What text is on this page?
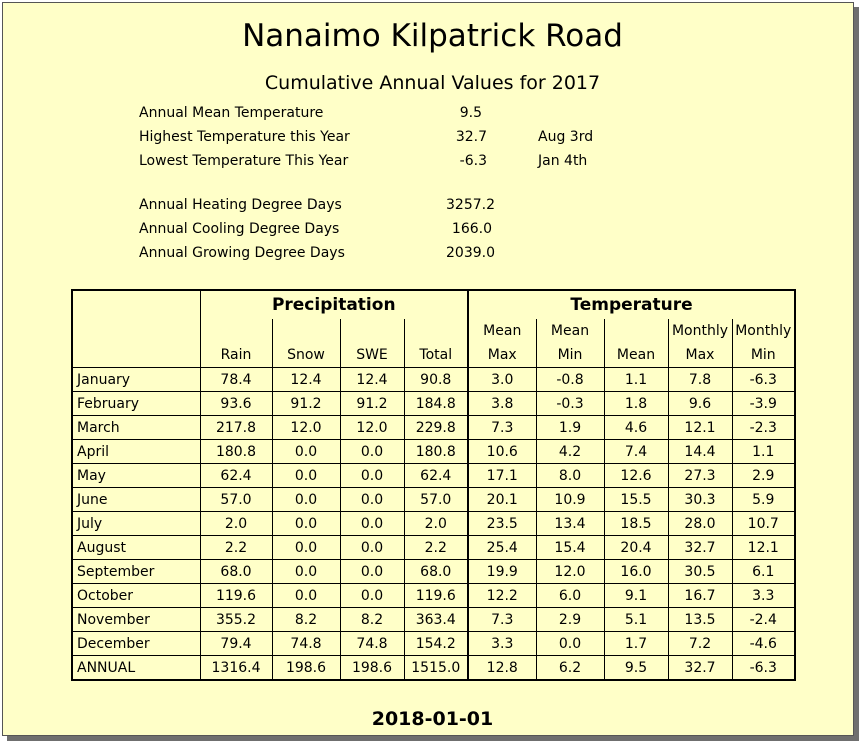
Nanaimo Kilpatrick Road
Cumulative Annual Values for 2017
Annual Mean Temperature	9.5
Highest Temperature this Year	32.7	Aug 3rd
Lowest Temperature This Year	-6.3	Jan 4th
Annual Heating Degree Days	3257.2
Annual Cooling Degree Days	166.0
Annual Growing Degree Days	2039.0
	Precipitation				Temperature				
					Mean	Mean		Monthly	Monthly
	Rain	Snow	SWE	Total	Max	Min	Mean	Max	Min
January	78.4	12.4	12.4	90.8	3.0	-0.8	1.1	7.8	-6.3
February	93.6	91.2	91.2	184.8	3.8	-0.3	1.8	9.6	-3.9
March	217.8	12.0	12.0	229.8	7.3	1.9	4.6	12.1	-2.3
April	180.8	0.0	0.0	180.8	10.6	4.2	7.4	14.4	1.1
May	62.4	0.0	0.0	62.4	17.1	8.0	12.6	27.3	2.9
June	57.0	0.0	0.0	57.0	20.1	10.9	15.5	30.3	5.9
July	2.0	0.0	0.0	2.0	23.5	13.4	18.5	28.0	10.7
August	2.2	0.0	0.0	2.2	25.4	15.4	20.4	32.7	12.1
September	68.0	0.0	0.0	68.0	19.9	12.0	16.0	30.5	6.1
October	119.6	0.0	0.0	119.6	12.2	6.0	9.1	16.7	3.3
November	355.2	8.2	8.2	363.4	7.3	2.9	5.1	13.5	-2.4
December	79.4	74.8	74.8	154.2	3.3	0.0	1.7	7.2	-4.6
ANNUAL	1316.4	198.6	198.6	1515.0	12.8	6.2	9.5	32.7	-6.3
2018-01-01
